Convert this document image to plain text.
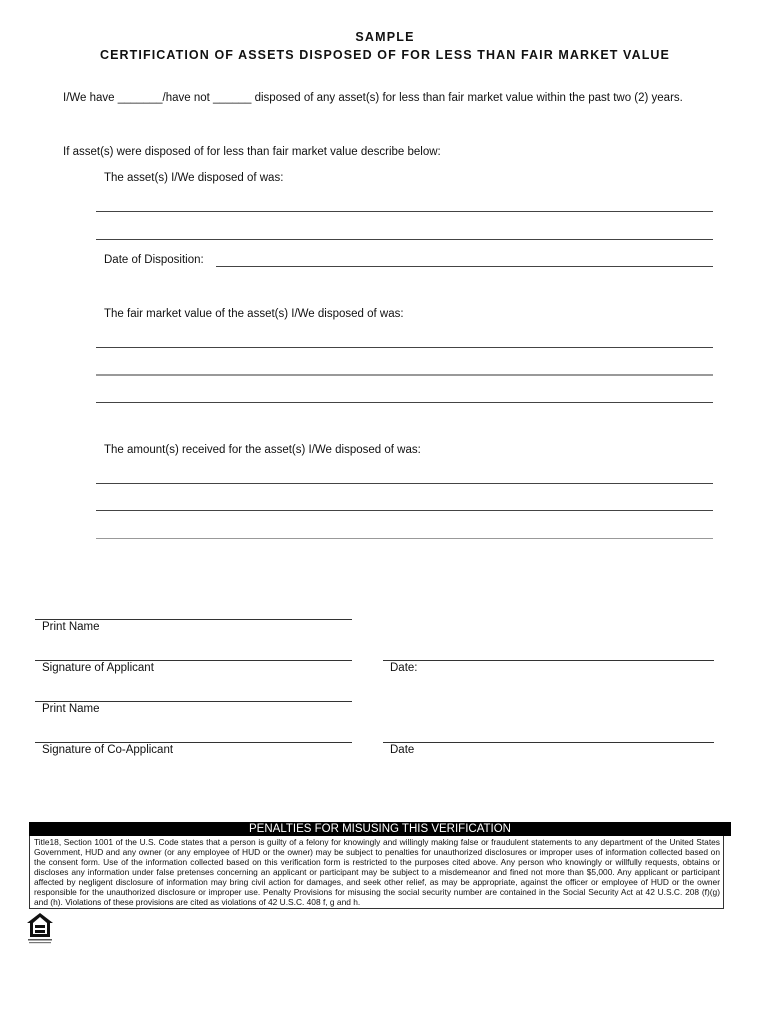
SAMPLE
CERTIFICATION OF ASSETS DISPOSED OF FOR LESS THAN FAIR MARKET VALUE
I/We have _______/have not ______ disposed of any asset(s) for less than fair market value within the past two (2) years.
If asset(s) were disposed of for less than fair market value describe below:
The asset(s) I/We disposed of was:
Date of Disposition:
The fair market value of the asset(s) I/We disposed of was:
The amount(s) received for the asset(s) I/We disposed of was:
Print Name
Signature of Applicant	Date:
Print Name
Signature of Co-Applicant	Date
PENALTIES FOR MISUSING THIS VERIFICATION

Title18, Section 1001 of the U.S. Code states that a person is guilty of a felony for knowingly and willingly making false or fraudulent statements to any department of the United States Government, HUD and any owner (or any employee of HUD or the owner) may be subject to penalties for unauthorized disclosures or improper uses of information collected based on the consent form. Use of the information collected based on this verification form is restricted to the purposes cited above. Any person who knowingly or willfully requests, obtains or discloses any information under false pretenses concerning an applicant or participant may be subject to a misdemeanor and fined not more than $5,000. Any applicant or participant affected by negligent disclosure of information may bring civil action for damages, and seek other relief, as may be appropriate, against the officer or employee of HUD or the owner responsible for the unauthorized disclosure or improper use. Penalty Provisions for misusing the social security number are contained in the Social Security Act at 42 U.S.C. 208 (f)(g) and (h). Violations of these provisions are cited as violations of 42 U.S.C. 408 f, g and h.
